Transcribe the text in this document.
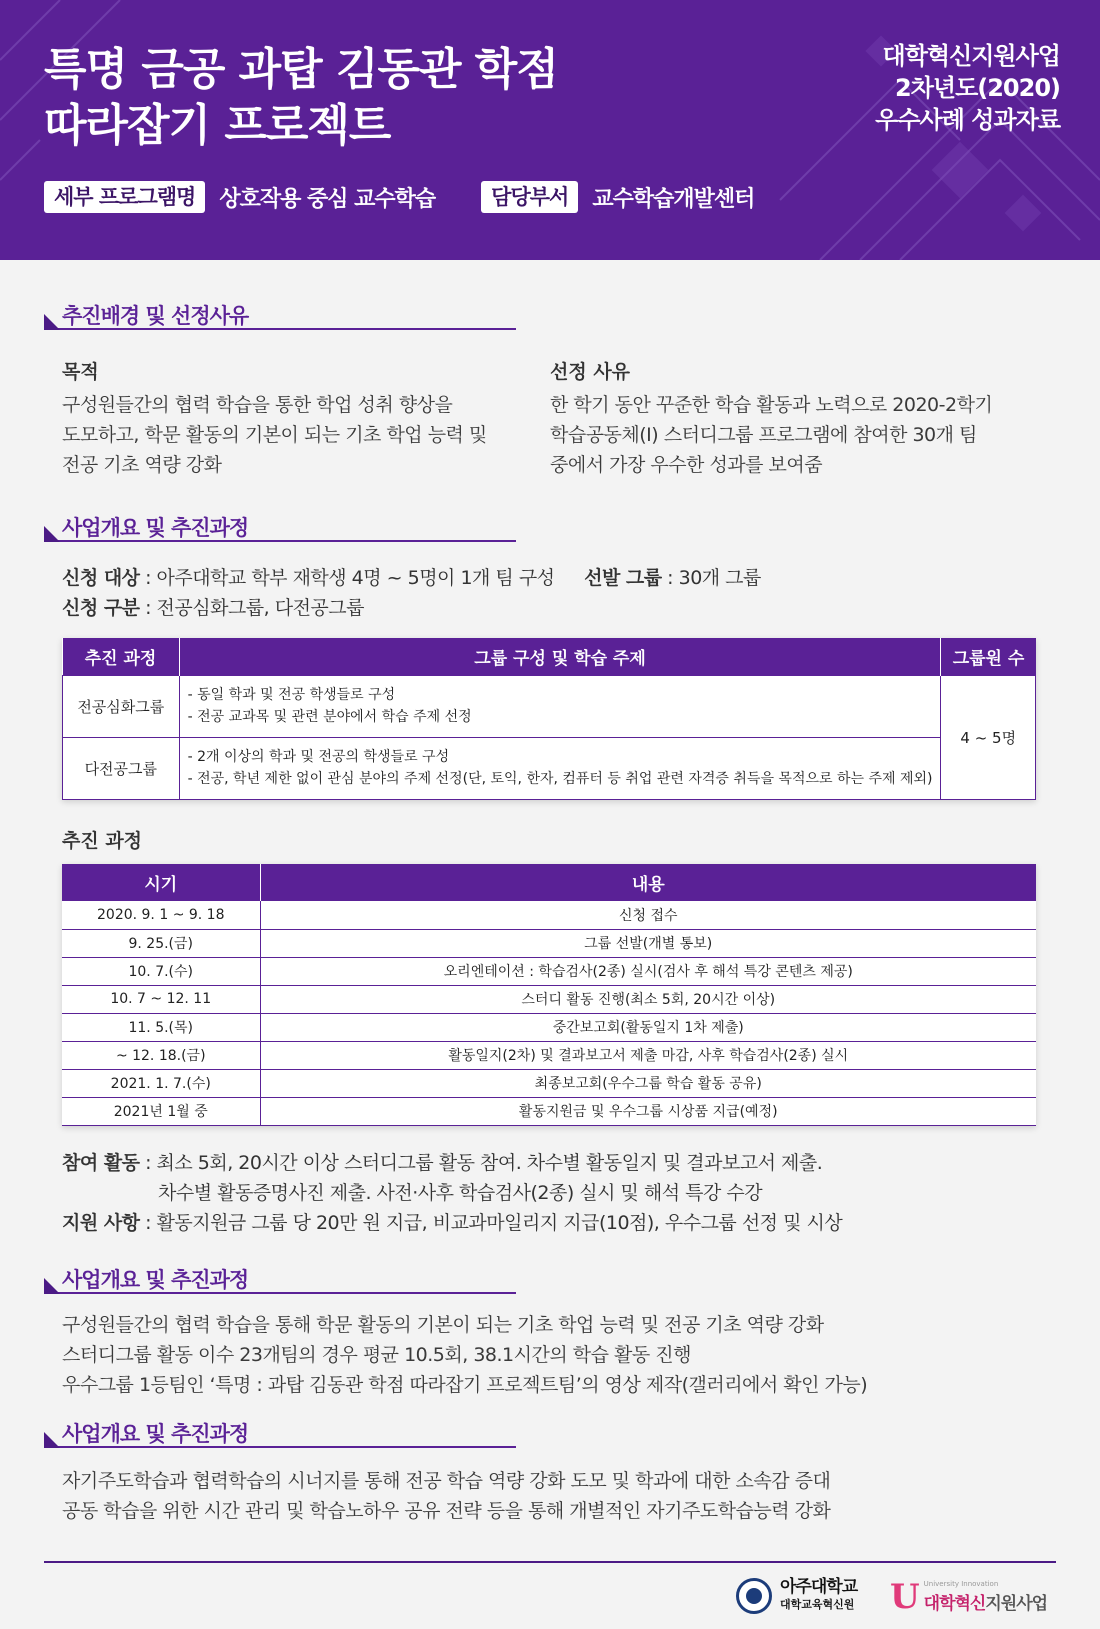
특명 금공 과탑 김동관 학점
따라잡기 프로젝트
대학혁신지원사업
2차년도(2020)
우수사례 성과자료
세부 프로그램명	상호작용 중심 교수학습	담당부서	교수학습개발센터
추진배경 및 선정사유
목적
구성원들간의 협력 학습을 통한 학업 성취 향상을
도모하고, 학문 활동의 기본이 되는 기초 학업 능력 및
전공 기초 역량 강화
선정 사유
한 학기 동안 꾸준한 학습 활동과 노력으로 2020-2학기
학습공동체(Ⅰ) 스터디그룹 프로그램에 참여한 30개 팀
중에서 가장 우수한 성과를 보여줌
사업개요 및 추진과정
신청 대상 : 아주대학교 학부 재학생 4명 ~ 5명이 1개 팀 구성 선발 그룹 : 30개 그룹
신청 구분 : 전공심화그룹, 다전공그룹
추진 과정	그룹 구성 및 학습 주제	그룹원 수
전공심화그룹	- 동일 학과 및 전공 학생들로 구성
- 전공 교과목 및 관련 분야에서 학습 주제 선정	4 ~ 5명
다전공그룹	- 2개 이상의 학과 및 전공의 학생들로 구성
- 전공, 학년 제한 없이 관심 분야의 주제 선정(단, 토익, 한자, 컴퓨터 등 취업 관련 자격증 취득을 목적으로 하는 주제 제외)	
추진 과정
시기	내용
2020. 9. 1 ~ 9. 18	신청 접수
9. 25.(금)	그룹 선발(개별 통보)
10. 7.(수)	오리엔테이션 : 학습검사(2종) 실시(검사 후 해석 특강 콘텐츠 제공)
10. 7 ~ 12. 11	스터디 활동 진행(최소 5회, 20시간 이상)
11. 5.(목)	중간보고회(활동일지 1차 제출)
~ 12. 18.(금)	활동일지(2차) 및 결과보고서 제출 마감, 사후 학습검사(2종) 실시
2021. 1. 7.(수)	최종보고회(우수그룹 학습 활동 공유)
2021년 1월 중	활동지원금 및 우수그룹 시상품 지급(예정)
참여 활동 : 최소 5회, 20시간 이상 스터디그룹 활동 참여. 차수별 활동일지 및 결과보고서 제출.
차수별 활동증명사진 제출. 사전·사후 학습검사(2종) 실시 및 해석 특강 수강
지원 사항 : 활동지원금 그룹 당 20만 원 지급, 비교과마일리지 지급(10점), 우수그룹 선정 및 시상
사업개요 및 추진과정
구성원들간의 협력 학습을 통해 학문 활동의 기본이 되는 기초 학업 능력 및 전공 기초 역량 강화
스터디그룹 활동 이수 23개팀의 경우 평균 10.5회, 38.1시간의 학습 활동 진행
우수그룹 1등팀인 ‘특명 : 과탑 김동관 학점 따라잡기 프로젝트팀’의 영상 제작(갤러리에서 확인 가능)
사업개요 및 추진과정
자기주도학습과 협력학습의 시너지를 통해 전공 학습 역량 강화 도모 및 학과에 대한 소속감 증대
공동 학습을 위한 시간 관리 및 학습노하우 공유 전략 등을 통해 개별적인 자기주도학습능력 강화
아주대학교
대학교육혁신원 U University Innovation
대학혁신지원사업
